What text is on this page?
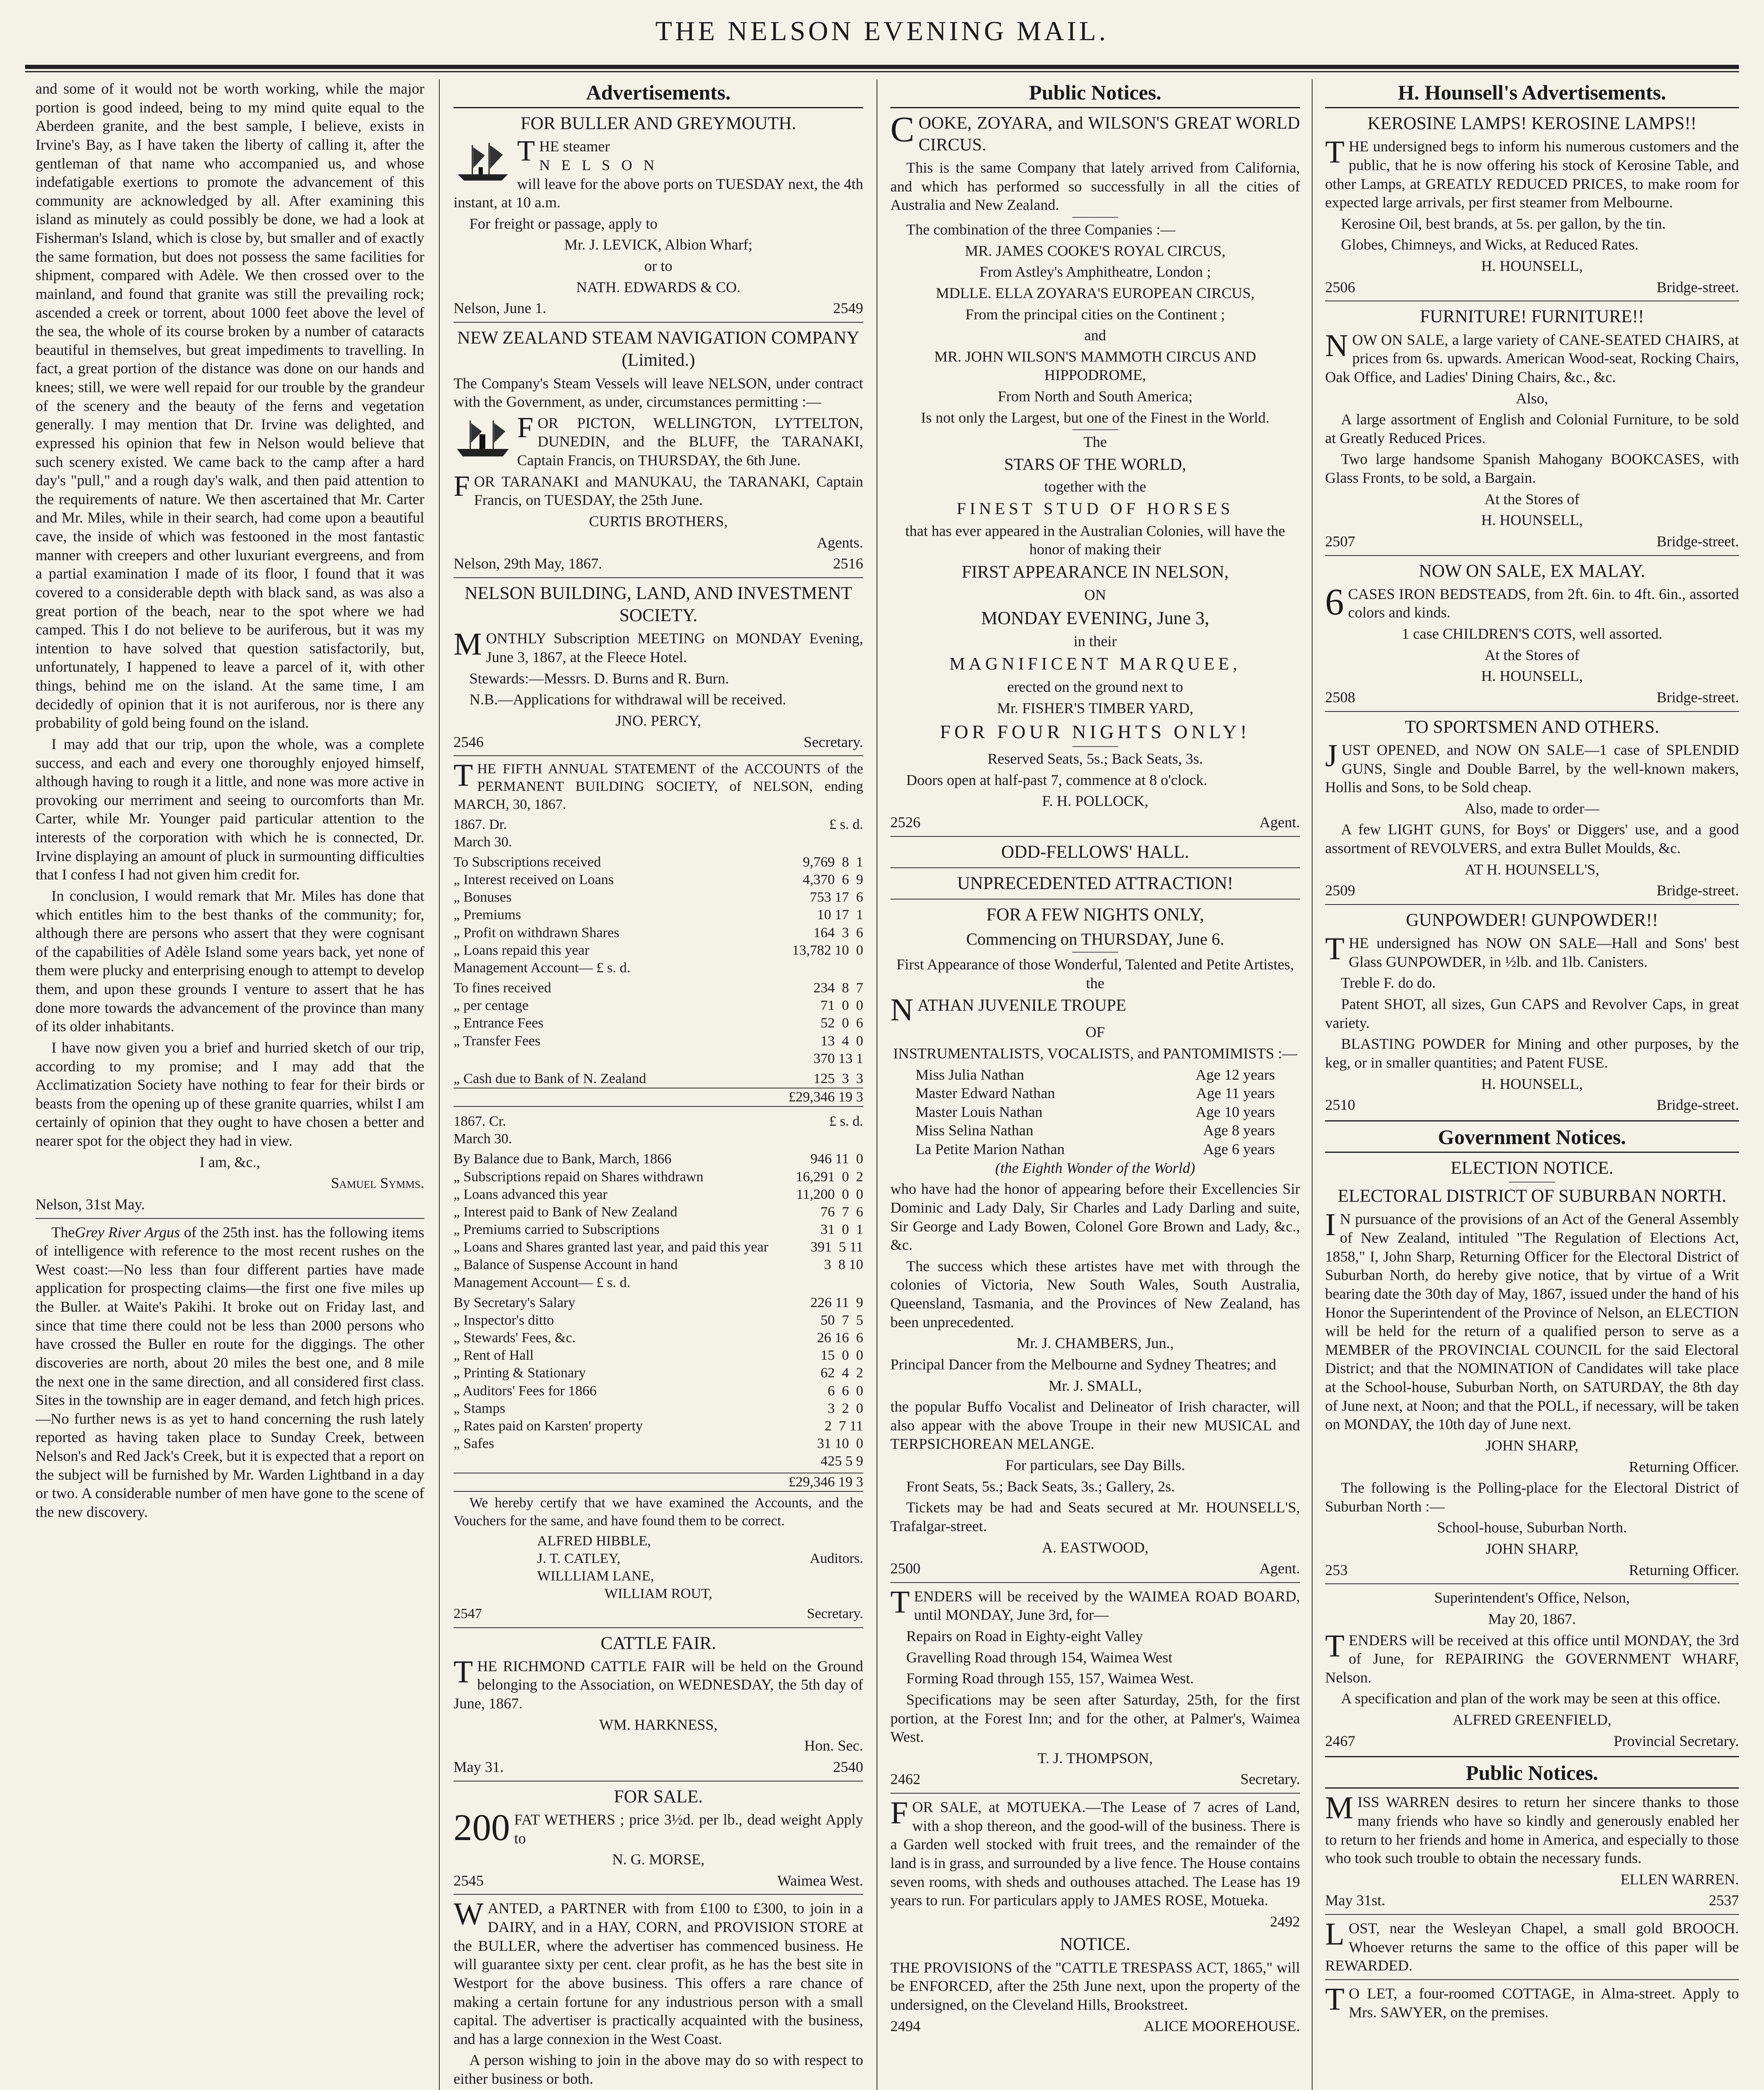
THE NELSON EVENING MAIL.

and some of it would not be worth working, while the major portion is good indeed, being to my mind quite equal to the Aberdeen granite, and the best sample, I believe, exists in Irvine's Bay, as I have taken the liberty of calling it, after the gentleman of that name who accompanied us, and whose indefatigable exertions to promote the advancement of this community are acknowledged by all. After examining this island as minutely as could possibly be done, we had a look at Fisherman's Island, which is close by, but smaller and of exactly the same formation, but does not possess the same facilities for shipment, compared with Adèle. We then crossed over to the mainland, and found that granite was still the prevailing rock; ascended a creek or torrent, about 1000 feet above the level of the sea, the whole of its course broken by a number of cataracts beautiful in themselves, but great impediments to travelling. In fact, a great portion of the distance was done on our hands and knees; still, we were well repaid for our trouble by the grandeur of the scenery and the beauty of the ferns and vegetation generally. I may mention that Dr. Irvine was delighted, and expressed his opinion that few in Nelson would believe that such scenery existed. We came back to the camp after a hard day's "pull," and a rough day's walk, and then paid attention to the requirements of nature. We then ascertained that Mr. Carter and Mr. Miles, while in their search, had come upon a beautiful cave, the inside of which was festooned in the most fantastic manner with creepers and other luxuriant evergreens, and from a partial examination I made of its floor, I found that it was covered to a considerable depth with black sand, as was also a great portion of the beach, near to the spot where we had camped. This I do not believe to be auriferous, but it was my intention to have solved that question satisfactorily, but, unfortunately, I happened to leave a parcel of it, with other things, behind me on the island. At the same time, I am decidedly of opinion that it is not auriferous, nor is there any probability of gold being found on the island.

I may add that our trip, upon the whole, was a complete success, and each and every one thoroughly enjoyed himself, although having to rough it a little, and none was more active in provoking our merriment and seeing to ourcomforts than Mr. Carter, while Mr. Younger paid particular attention to the interests of the corporation with which he is connected, Dr. Irvine displaying an amount of pluck in surmounting difficulties that I confess I had not given him credit for.

In conclusion, I would remark that Mr. Miles has done that which entitles him to the best thanks of the community; for, although there are persons who assert that they were cognisant of the capabilities of Adèle Island some years back, yet none of them were plucky and enterprising enough to attempt to develop them, and upon these grounds I venture to assert that he has done more towards the advancement of the province than many of its older inhabitants.

I have now given you a brief and hurried sketch of our trip, according to my promise; and I may add that the Acclimatization Society have nothing to fear for their birds or beasts from the opening up of these granite quarries, whilst I am certainly of opinion that they ought to have chosen a better and nearer spot for the object they had in view.

I am, &c.,

Samuel Symms.

Nelson, 31st May.

TheGrey River Argus of the 25th inst. has the following items of intelligence with reference to the most recent rushes on the West coast:—No less than four different parties have made application for prospecting claims—the first one five miles up the Buller. at Waite's Pakihi. It broke out on Friday last, and since that time there could not be less than 2000 persons who have crossed the Buller en route for the diggings. The other discoveries are north, about 20 miles the best one, and 8 mile the next one in the same direction, and all considered first class. Sites in the township are in eager demand, and fetch high prices.—No further news is as yet to hand concerning the rush lately reported as having taken place to Sunday Creek, between Nelson's and Red Jack's Creek, but it is expected that a report on the subject will be furnished by Mr. Warden Lightband in a day or two. A considerable number of men have gone to the scene of the new discovery.

Advertisements.
FOR BULLER AND GREYMOUTH.

THE steamer
N E L S O N
will leave for the above ports on TUESDAY next, the 4th instant, at 10 a.m.

For freight or passage, apply to

Mr. J. LEVICK, Albion Wharf;

or to

NATH. EDWARDS & CO.

Nelson, June 1.	2549
NEW ZEALAND STEAM NAVIGATION COMPANY (Limited.)

The Company's Steam Vessels will leave NELSON, under contract with the Government, as under, circumstances permitting :—

FOR PICTON, WELLINGTON, LYTTELTON, DUNEDIN, and the BLUFF, the TARANAKI, Captain Francis, on THURSDAY, the 6th June.

FOR TARANAKI and MANUKAU, the TARANAKI, Captain Francis, on TUESDAY, the 25th June.

CURTIS BROTHERS,

Agents.

Nelson, 29th May, 1867.	2516
NELSON BUILDING, LAND, AND INVESTMENT SOCIETY.

MONTHLY Subscription MEETING on MONDAY Evening, June 3, 1867, at the Fleece Hotel.

Stewards:—Messrs. D. Burns and R. Burn.

N.B.—Applications for withdrawal will be received.

JNO. PERCY,

2546	Secretary.

THE FIFTH ANNUAL STATEMENT of the ACCOUNTS of the PERMANENT BUILDING SOCIETY, of NELSON, ending MARCH, 30, 1867.

1867. Dr.	£ s. d.

March 30.

To Subscriptions received	9,769  8  1
„ Interest received on Loans	4,370  6  9
„ Bonuses	753 17  6
„ Premiums	10 17  1
„ Profit on withdrawn Shares	164  3  6
„ Loans repaid this year	13,782 10  0

Management Account— £ s. d.

To fines received	234  8  7
„ per centage	71  0  0
„ Entrance Fees	52  0  6
„ Transfer Fees	13  4  0

370 13 1

„ Cash due to Bank of N. Zealand	125  3  3

£29,346 19 3

1867. Cr.	£ s. d.

March 30.

By Balance due to Bank, March, 1866	946 11  0
„ Subscriptions repaid on Shares withdrawn	16,291  0  2
„ Loans advanced this year	11,200  0  0
„ Interest paid to Bank of New Zealand	76  7  6
„ Premiums carried to Subscriptions	31  0  1
„ Loans and Shares granted last year, and paid this year	391  5 11
„ Balance of Suspense Account in hand	3  8 10

Management Account— £ s. d.

By Secretary's Salary	226 11  9
„ Inspector's ditto	50  7  5
„ Stewards' Fees, &c.	26 16  6
„ Rent of Hall	15  0  0
„ Printing & Stationary	62  4  2
„ Auditors' Fees for 1866	6  6  0
„ Stamps	3  2  0
„ Rates paid on Karsten' property	2  7 11
„ Safes	31 10  0

425 5 9

£29,346 19 3

We hereby certify that we have examined the Accounts, and the Vouchers for the same, and have found them to be correct.

ALFRED HIBBLE,
J. T. CATLEY,
WILLLIAM LANE,
Auditors.

WILLIAM ROUT,

2547	Secretary.
CATTLE FAIR.

THE RICHMOND CATTLE FAIR will be held on the Ground belonging to the Association, on WEDNESDAY, the 5th day of June, 1867.

WM. HARKNESS,

Hon. Sec.

May 31.	2540
FOR SALE.

200 FAT WETHERS ; price 3½d. per lb., dead weight Apply to

N. G. MORSE,

2545	Waimea West.

WANTED, a PARTNER with from £100 to £300, to join in a DAIRY, and in a HAY, CORN, and PROVISION STORE at the BULLER, where the advertiser has commenced business. He will guarantee sixty per cent. clear profit, as he has the best site in Westport for the above business. This offers a rare chance of making a certain fortune for any industrious person with a small capital. The advertiser is practically acquainted with the business, and has a large connexion in the West Coast.

A person wishing to join in the above may do so with respect to either business or both.

Public Notices.

COOKE, ZOYARA, and WILSON'S GREAT WORLD CIRCUS.

This is the same Company that lately arrived from California, and which has performed so successfully in all the cities of Australia and New Zealand.

The combination of the three Companies :—

MR. JAMES COOKE'S ROYAL CIRCUS,

From Astley's Amphitheatre, London ;

MDLLE. ELLA ZOYARA'S EUROPEAN CIRCUS,

From the principal cities on the Continent ;

and

MR. JOHN WILSON'S MAMMOTH CIRCUS AND HIPPODROME,

From North and South America;

Is not only the Largest, but one of the Finest in the World.

The

STARS OF THE WORLD,

together with the

FINEST STUD OF HORSES

that has ever appeared in the Australian Colonies, will have the honor of making their

FIRST APPEARANCE IN NELSON,

ON

MONDAY EVENING, June 3,

in their

MAGNIFICENT MARQUEE,

erected on the ground next to

Mr. FISHER'S TIMBER YARD,

FOR FOUR NIGHTS ONLY!

Reserved Seats, 5s.; Back Seats, 3s.

Doors open at half-past 7, commence at 8 o'clock.

F. H. POLLOCK,

2526	Agent.
ODD-FELLOWS' HALL.
UNPRECEDENTED ATTRACTION!
FOR A FEW NIGHTS ONLY,

Commencing on THURSDAY, June 6.

First Appearance of those Wonderful, Talented and Petite Artistes, the

NATHAN JUVENILE TROUPE

OF

INSTRUMENTALISTS, VOCALISTS, and PANTOMIMISTS :—

Miss Julia Nathan	Age 12 years
Master Edward Nathan	Age 11 years
Master Louis Nathan	Age 10 years
Miss Selina Nathan	Age 8 years
La Petite Marion Nathan	Age 6 years

(the Eighth Wonder of the World)

who have had the honor of appearing before their Excellencies Sir Dominic and Lady Daly, Sir Charles and Lady Darling and suite, Sir George and Lady Bowen, Colonel Gore Brown and Lady, &c., &c.

The success which these artistes have met with through the colonies of Victoria, New South Wales, South Australia, Queensland, Tasmania, and the Provinces of New Zealand, has been unprecedented.

Mr. J. CHAMBERS, Jun.,

Principal Dancer from the Melbourne and Sydney Theatres; and

Mr. J. SMALL,

the popular Buffo Vocalist and Delineator of Irish character, will also appear with the above Troupe in their new MUSICAL and TERPSICHOREAN MELANGE.

For particulars, see Day Bills.

Front Seats, 5s.; Back Seats, 3s.; Gallery, 2s.

Tickets may be had and Seats secured at Mr. HOUNSELL'S, Trafalgar-street.

A. EASTWOOD,

2500	Agent.

TENDERS will be received by the WAIMEA ROAD BOARD, until MONDAY, June 3rd, for—

Repairs on Road in Eighty-eight Valley

Gravelling Road through 154, Waimea West

Forming Road through 155, 157, Waimea West.

Specifications may be seen after Saturday, 25th, for the first portion, at the Forest Inn; and for the other, at Palmer's, Waimea West.

T. J. THOMPSON,

2462	Secretary.

FOR SALE, at MOTUEKA.—The Lease of 7 acres of Land, with a shop thereon, and the good-will of the business. There is a Garden well stocked with fruit trees, and the remainder of the land is in grass, and surrounded by a live fence. The House contains seven rooms, with sheds and outhouses attached. The Lease has 19 years to run. For particulars apply to JAMES ROSE, Motueka.

2492

NOTICE.

THE PROVISIONS of the "CATTLE TRESPASS ACT, 1865," will be ENFORCED, after the 25th June next, upon the property of the undersigned, on the Cleveland Hills, Brookstreet.

2494	ALICE MOOREHOUSE.
H. Hounsell's Advertisements.
KEROSINE LAMPS! KEROSINE LAMPS!!

THE undersigned begs to inform his numerous customers and the public, that he is now offering his stock of Kerosine Table, and other Lamps, at GREATLY REDUCED PRICES, to make room for expected large arrivals, per first steamer from Melbourne.

Kerosine Oil, best brands, at 5s. per gallon, by the tin.

Globes, Chimneys, and Wicks, at Reduced Rates.

H. HOUNSELL,

2506	Bridge-street.
FURNITURE! FURNITURE!!

NOW ON SALE, a large variety of CANE-SEATED CHAIRS, at prices from 6s. upwards. American Wood-seat, Rocking Chairs, Oak Office, and Ladies' Dining Chairs, &c., &c.

Also,

A large assortment of English and Colonial Furniture, to be sold at Greatly Reduced Prices.

Two large handsome Spanish Mahogany BOOKCASES, with Glass Fronts, to be sold, a Bargain.

At the Stores of

H. HOUNSELL,

2507	Bridge-street.
NOW ON SALE, EX MALAY.

6 CASES IRON BEDSTEADS, from 2ft. 6in. to 4ft. 6in., assorted colors and kinds.

1 case CHILDREN'S COTS, well assorted.

At the Stores of

H. HOUNSELL,

2508	Bridge-street.
TO SPORTSMEN AND OTHERS.

JUST OPENED, and NOW ON SALE—1 case of SPLENDID GUNS, Single and Double Barrel, by the well-known makers, Hollis and Sons, to be Sold cheap.

Also, made to order—

A few LIGHT GUNS, for Boys' or Diggers' use, and a good assortment of REVOLVERS, and extra Bullet Moulds, &c.

AT H. HOUNSELL'S,

2509	Bridge-street.
GUNPOWDER! GUNPOWDER!!

THE undersigned has NOW ON SALE—Hall and Sons' best Glass GUNPOWDER, in ½lb. and 1lb. Canisters.

Treble F. do do.

Patent SHOT, all sizes, Gun CAPS and Revolver Caps, in great variety.

BLASTING POWDER for Mining and other purposes, by the keg, or in smaller quantities; and Patent FUSE.

H. HOUNSELL,

2510	Bridge-street.
Government Notices.
ELECTION NOTICE.
ELECTORAL DISTRICT OF SUBURBAN NORTH.

I N pursuance of the provisions of an Act of the General Assembly of New Zealand, intituled "The Regulation of Elections Act, 1858," I, John Sharp, Returning Officer for the Electoral District of Suburban North, do hereby give notice, that by virtue of a Writ bearing date the 30th day of May, 1867, issued under the hand of his Honor the Superintendent of the Province of Nelson, an ELECTION will be held for the return of a qualified person to serve as a MEMBER of the PROVINCIAL COUNCIL for the said Electoral District; and that the NOMINATION of Candidates will take place at the School-house, Suburban North, on SATURDAY, the 8th day of June next, at Noon; and that the POLL, if necessary, will be taken on MONDAY, the 10th day of June next.

JOHN SHARP,

Returning Officer.

The following is the Polling-place for the Electoral District of Suburban North :—

School-house, Suburban North.

JOHN SHARP,

253	Returning Officer.

Superintendent's Office, Nelson,

May 20, 1867.

TENDERS will be received at this office until MONDAY, the 3rd of June, for REPAIRING the GOVERNMENT WHARF, Nelson.

A specification and plan of the work may be seen at this office.

ALFRED GREENFIELD,

2467	Provincial Secretary.
Public Notices.

MISS WARREN desires to return her sincere thanks to those many friends who have so kindly and generously enabled her to return to her friends and home in America, and especially to those who took such trouble to obtain the necessary funds.

ELLEN WARREN.

May 31st.	2537

LOST, near the Wesleyan Chapel, a small gold BROOCH. Whoever returns the same to the office of this paper will be REWARDED.

T O LET, a four-roomed COTTAGE, in Alma-street. Apply to Mrs. SAWYER, on the premises.
